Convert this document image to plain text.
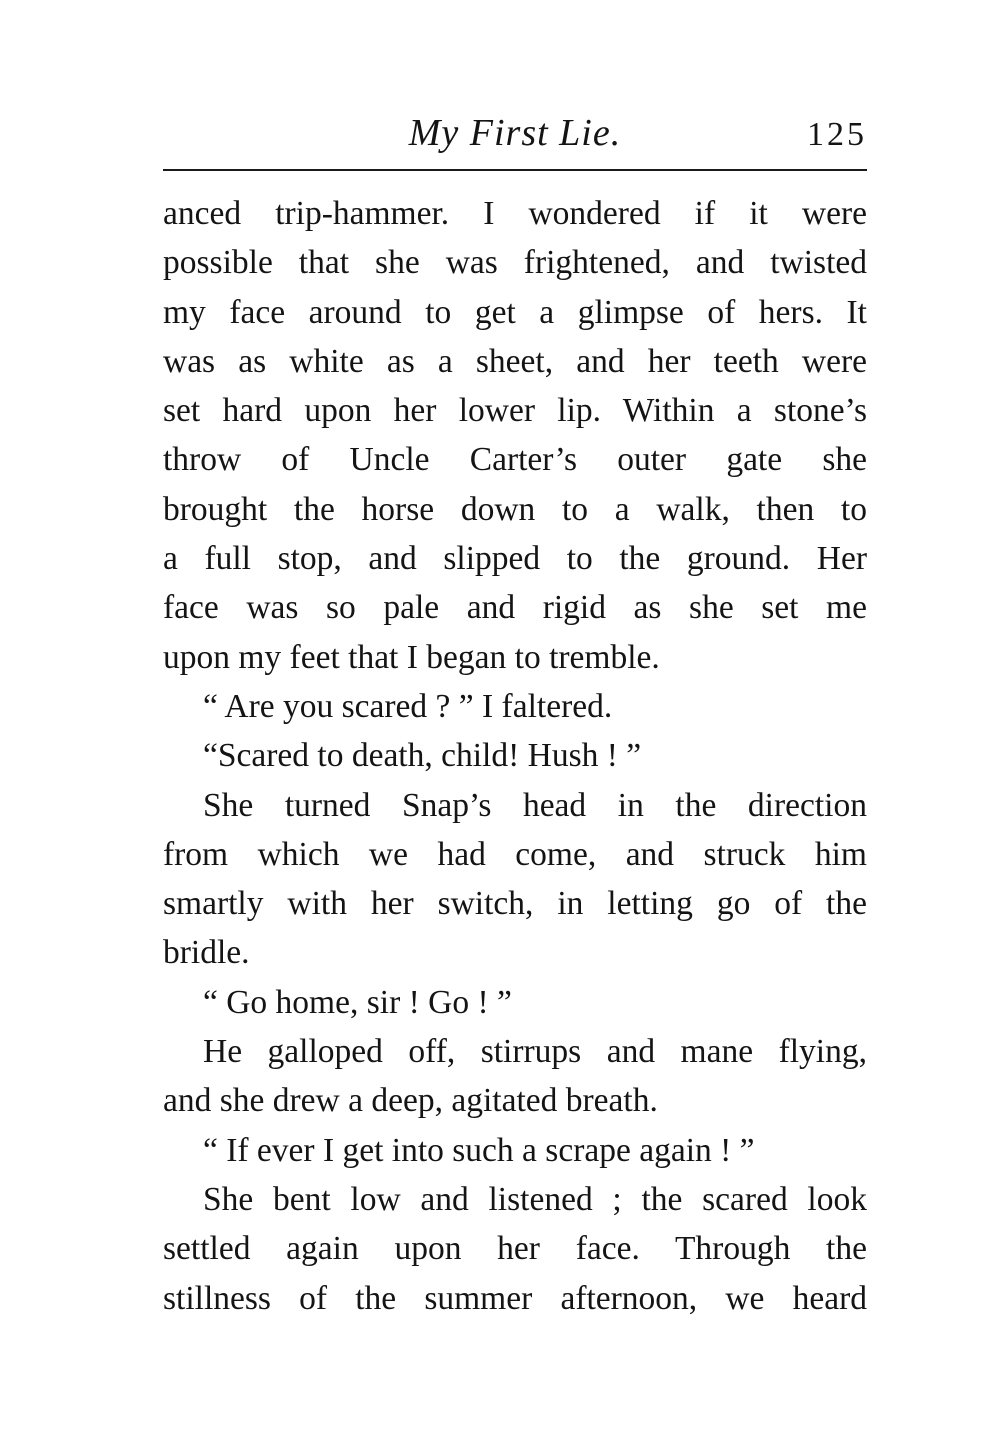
My First Lie.	125
anced trip-hammer. I wondered if it were
possible that she was frightened, and twisted
my face around to get a glimpse of hers. It
was as white as a sheet, and her teeth were
set hard upon her lower lip. Within a stone’s
throw of Uncle Carter’s outer gate she
brought the horse down to a walk, then to
a full stop, and slipped to the ground. Her
face was so pale and rigid as she set me
upon my feet that I began to tremble.
“ Are you scared ? ” I faltered.
“Scared to death, child! Hush ! ”
She turned Snap’s head in the direction
from which we had come, and struck him
smartly with her switch, in letting go of the
bridle.
“ Go home, sir ! Go ! ”
He galloped off, stirrups and mane flying,
and she drew a deep, agitated breath.
“ If ever I get into such a scrape again ! ”
She bent low and listened ; the scared look
settled again upon her face. Through the
stillness of the summer afternoon, we heard
